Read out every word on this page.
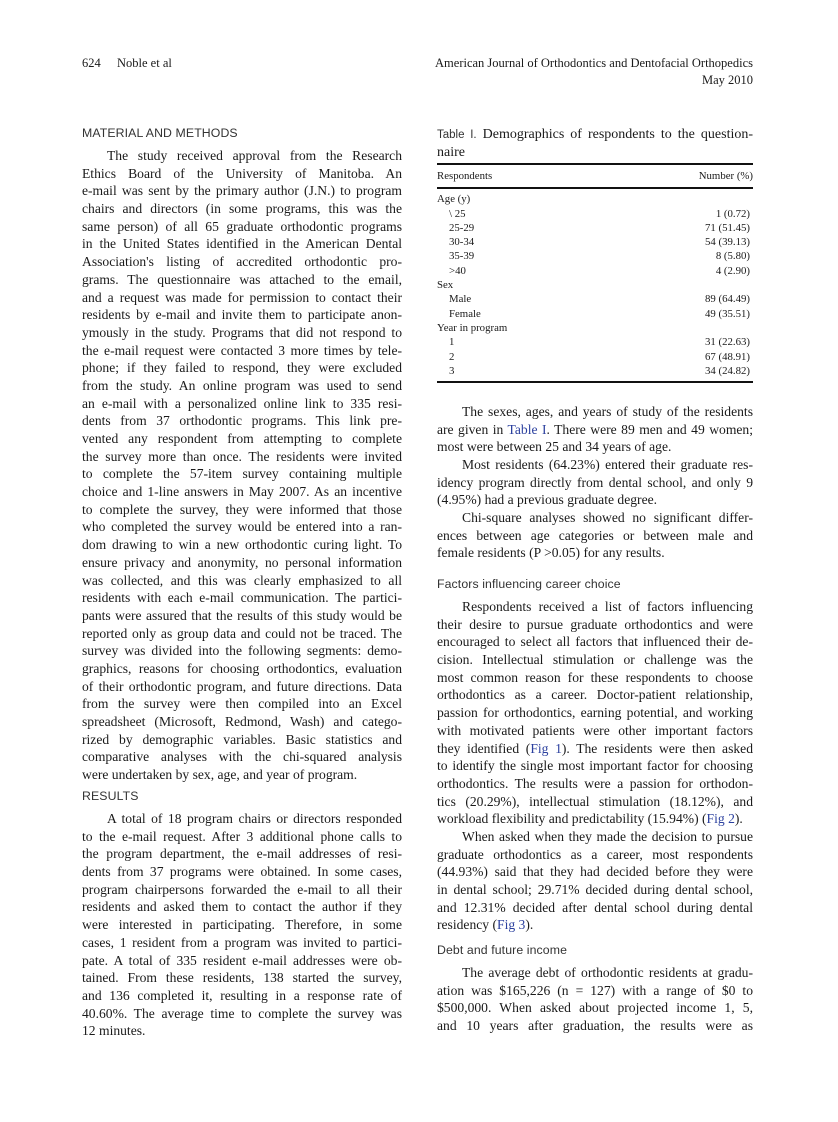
624 Noble et al	American Journal of Orthodontics and Dentofacial Orthopedics
May 2010
MATERIAL AND METHODS
The study received approval from the Research
Ethics Board of the University of Manitoba. An
e-mail was sent by the primary author (J.N.) to program
chairs and directors (in some programs, this was the
same person) of all 65 graduate orthodontic programs
in the United States identified in the American Dental
Association's listing of accredited orthodontic pro-
grams. The questionnaire was attached to the email,
and a request was made for permission to contact their
residents by e-mail and invite them to participate anon-
ymously in the study. Programs that did not respond to
the e-mail request were contacted 3 more times by tele-
phone; if they failed to respond, they were excluded
from the study. An online program was used to send
an e-mail with a personalized online link to 335 resi-
dents from 37 orthodontic programs. This link pre-
vented any respondent from attempting to complete
the survey more than once. The residents were invited
to complete the 57-item survey containing multiple
choice and 1-line answers in May 2007. As an incentive
to complete the survey, they were informed that those
who completed the survey would be entered into a ran-
dom drawing to win a new orthodontic curing light. To
ensure privacy and anonymity, no personal information
was collected, and this was clearly emphasized to all
residents with each e-mail communication. The partici-
pants were assured that the results of this study would be
reported only as group data and could not be traced. The
survey was divided into the following segments: demo-
graphics, reasons for choosing orthodontics, evaluation
of their orthodontic program, and future directions. Data
from the survey were then compiled into an Excel
spreadsheet (Microsoft, Redmond, Wash) and catego-
rized by demographic variables. Basic statistics and
comparative analyses with the chi-squared analysis
were undertaken by sex, age, and year of program.
RESULTS
A total of 18 program chairs or directors responded
to the e-mail request. After 3 additional phone calls to
the program department, the e-mail addresses of resi-
dents from 37 programs were obtained. In some cases,
program chairpersons forwarded the e-mail to all their
residents and asked them to contact the author if they
were interested in participating. Therefore, in some
cases, 1 resident from a program was invited to partici-
pate. A total of 335 resident e-mail addresses were ob-
tained. From these residents, 138 started the survey,
and 136 completed it, resulting in a response rate of
40.60%. The average time to complete the survey was
12 minutes.
Table I. Demographics of respondents to the question-
naire
Respondents	Number (%)
Age (y)	
\ 25	1 (0.72)
25-29	71 (51.45)
30-34	54 (39.13)
35-39	8 (5.80)
>40	4 (2.90)
Sex	
Male	89 (64.49)
Female	49 (35.51)
Year in program	
1	31 (22.63)
2	67 (48.91)
3	34 (24.82)
The sexes, ages, and years of study of the residents
are given in Table I. There were 89 men and 49 women;
most were between 25 and 34 years of age.
Most residents (64.23%) entered their graduate res-
idency program directly from dental school, and only 9
(4.95%) had a previous graduate degree.
Chi-square analyses showed no significant differ-
ences between age categories or between male and
female residents (P >0.05) for any results.
Factors influencing career choice
Respondents received a list of factors influencing
their desire to pursue graduate orthodontics and were
encouraged to select all factors that influenced their de-
cision. Intellectual stimulation or challenge was the
most common reason for these respondents to choose
orthodontics as a career. Doctor-patient relationship,
passion for orthodontics, earning potential, and working
with motivated patients were other important factors
they identified (Fig 1). The residents were then asked
to identify the single most important factor for choosing
orthodontics. The results were a passion for orthodon-
tics (20.29%), intellectual stimulation (18.12%), and
workload flexibility and predictability (15.94%) (Fig 2).
When asked when they made the decision to pursue
graduate orthodontics as a career, most respondents
(44.93%) said that they had decided before they were
in dental school; 29.71% decided during dental school,
and 12.31% decided after dental school during dental
residency (Fig 3).
Debt and future income
The average debt of orthodontic residents at gradu-
ation was $165,226 (n = 127) with a range of $0 to
$500,000. When asked about projected income 1, 5,
and 10 years after graduation, the results were as
